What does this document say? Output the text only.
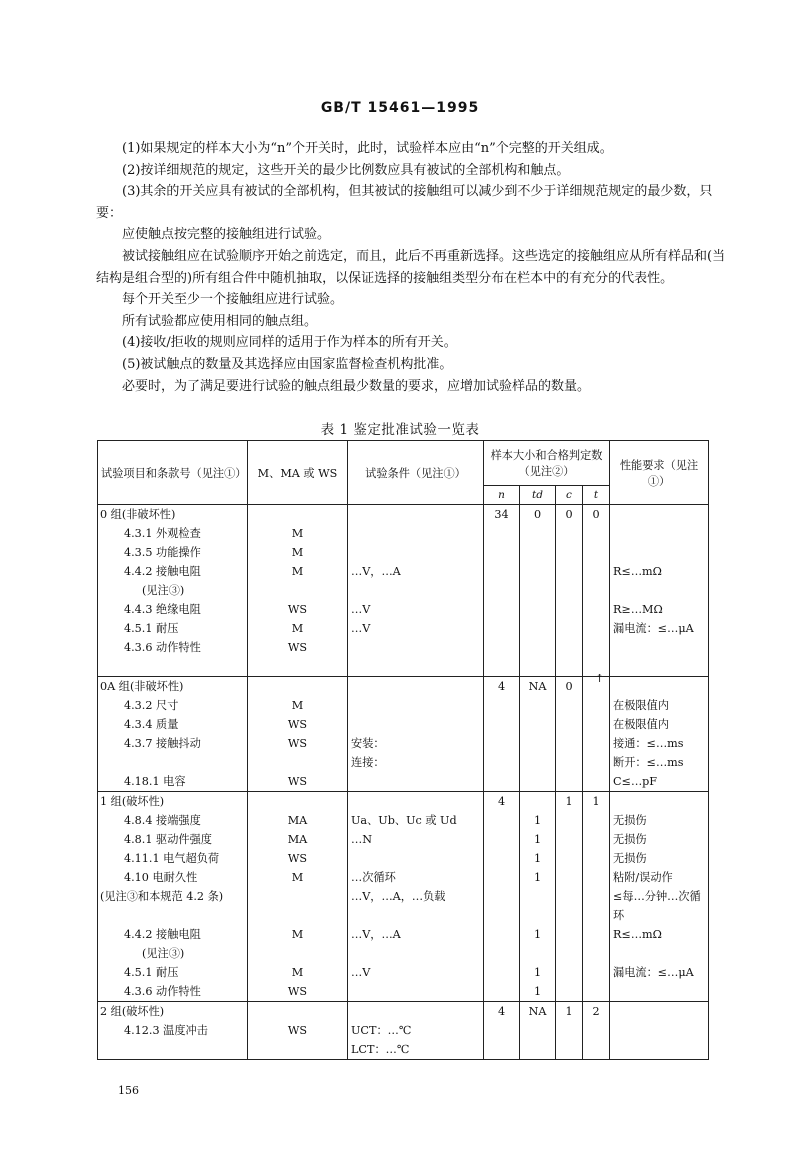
GB/T 15461—1995

(1)如果规定的样本大小为“n”个开关时，此时，试验样本应由“n”个完整的开关组成。

(2)按详细规范的规定，这些开关的最少比例数应具有被试的全部机构和触点。

(3)其余的开关应具有被试的全部机构，但其被试的接触组可以减少到不少于详细规范规定的最少数，只要：

应使触点按完整的接触组进行试验。

被试接触组应在试验顺序开始之前选定，而且，此后不再重新选择。这些选定的接触组应从所有样品和(当结构是组合型的)所有组合件中随机抽取，以保证选择的接触组类型分布在栏本中的有充分的代表性。

每个开关至少一个接触组应进行试验。

所有试验都应使用相同的触点组。

(4)接收/拒收的规则应同样的适用于作为样本的所有开关。

(5)被试触点的数量及其选择应由国家监督检查机构批准。

必要时，为了满足要进行试验的触点组最少数量的要求，应增加试验样品的数量。

表 1 鉴定批准试验一览表
试验项目和条款号（见注①）	M、MA 或 WS	试验条件（见注①）	样本大小和合格判定数（见注②）				性能要求（见注①）
			n	td	c	t	
0 组(非破坏性)			34	0	0	0	
4.3.1 外观检查	M						
4.3.5 功能操作	M						
4.4.2 接触电阻	M	…V，…A					R≤…mΩ
(见注③)							
4.4.3 绝缘电阻	WS	…V					R≥…MΩ
4.5.1 耐压	M	…V					漏电流：≤…μA
4.3.6 动作特性	WS						

0A 组(非破坏性)			4	NA	0		
4.3.2 尺寸	M						在极限值内
4.3.4 质量	WS						在极限值内
4.3.7 接触抖动	WS	安装：					接通：≤…ms
		连接：					断开：≤…ms
4.18.1 电容	WS						C≤…pF
1 组(破坏性)			4		1	1	
4.8.4 接端强度	MA	Ua、Ub、Uc 或 Ud		1			无损伤
4.8.1 驱动件强度	MA	…N		1			无损伤
4.11.1 电气超负荷	WS			1			无损伤
4.10 电耐久性	M	…次循环		1			粘附/误动作
(见注③和本规范 4.2 条)		…V，…A，…负载					≤每…分钟…次循
							环
4.4.2 接触电阻	M	…V，…A		1			R≤…mΩ
(见注③)							
4.5.1 耐压	M	…V		1			漏电流：≤…μA
4.3.6 动作特性	WS			1			
2 组(破坏性)			4	NA	1	2	
4.12.3 温度冲击	WS	UCT：…℃					
		LCT：…℃					
↑
156
